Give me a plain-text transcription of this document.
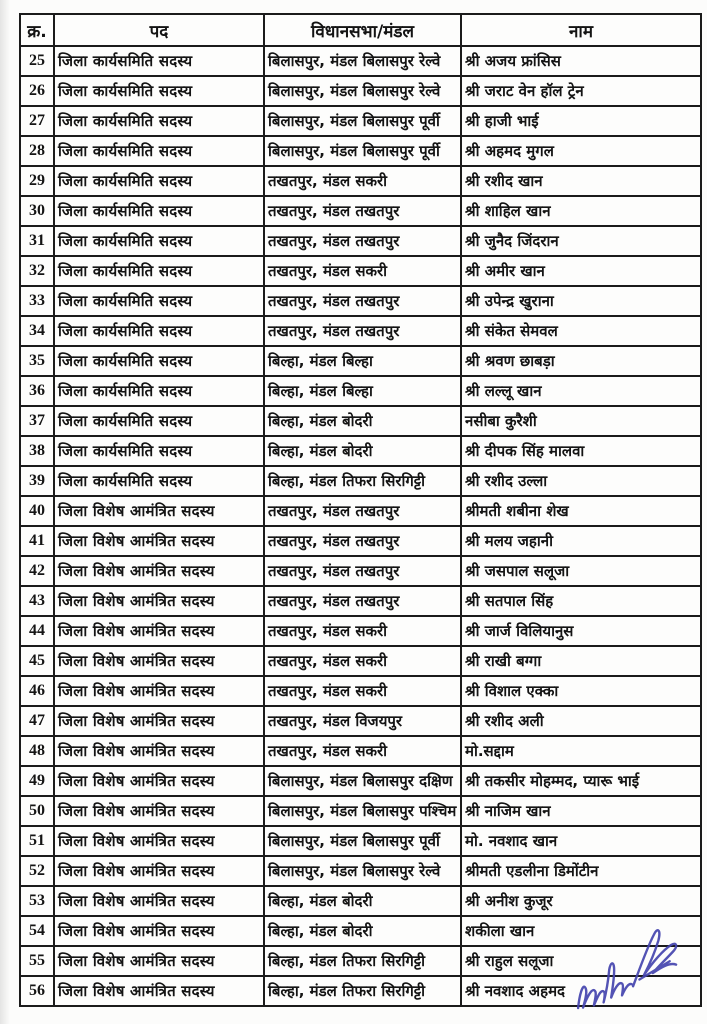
क्र.	पद	विधानसभा/मंडल	नाम
25	जिला कार्यसमिति सदस्य	बिलासपुर, मंडल बिलासपुर रेल्वे	श्री अजय फ्रांसिस
26	जिला कार्यसमिति सदस्य	बिलासपुर, मंडल बिलासपुर रेल्वे	श्री जराट वेन हॉल ट्रेन
27	जिला कार्यसमिति सदस्य	बिलासपुर, मंडल बिलासपुर पूर्वी	श्री हाजी भाई
28	जिला कार्यसमिति सदस्य	बिलासपुर, मंडल बिलासपुर पूर्वी	श्री अहमद मुगल
29	जिला कार्यसमिति सदस्य	तखतपुर, मंडल सकरी	श्री रशीद खान
30	जिला कार्यसमिति सदस्य	तखतपुर, मंडल तखतपुर	श्री शाहिल खान
31	जिला कार्यसमिति सदस्य	तखतपुर, मंडल तखतपुर	श्री जुनैद जिंदरान
32	जिला कार्यसमिति सदस्य	तखतपुर, मंडल सकरी	श्री अमीर खान
33	जिला कार्यसमिति सदस्य	तखतपुर, मंडल तखतपुर	श्री उपेन्द्र खुराना
34	जिला कार्यसमिति सदस्य	तखतपुर, मंडल तखतपुर	श्री संकेत सेमवल
35	जिला कार्यसमिति सदस्य	बिल्हा, मंडल बिल्हा	श्री श्रवण छाबड़ा
36	जिला कार्यसमिति सदस्य	बिल्हा, मंडल बिल्हा	श्री लल्लू खान
37	जिला कार्यसमिति सदस्य	बिल्हा, मंडल बोदरी	नसीबा कुरैशी
38	जिला कार्यसमिति सदस्य	बिल्हा, मंडल बोदरी	श्री दीपक सिंह मालवा
39	जिला कार्यसमिति सदस्य	बिल्हा, मंडल तिफरा सिरगिट्टी	श्री रशीद उल्ला
40	जिला विशेष आमंत्रित सदस्य	तखतपुर, मंडल तखतपुर	श्रीमती शबीना शेख
41	जिला विशेष आमंत्रित सदस्य	तखतपुर, मंडल तखतपुर	श्री मलय जहानी
42	जिला विशेष आमंत्रित सदस्य	तखतपुर, मंडल तखतपुर	श्री जसपाल सलूजा
43	जिला विशेष आमंत्रित सदस्य	तखतपुर, मंडल तखतपुर	श्री सतपाल सिंह
44	जिला विशेष आमंत्रित सदस्य	तखतपुर, मंडल सकरी	श्री जार्ज विलियानुस
45	जिला विशेष आमंत्रित सदस्य	तखतपुर, मंडल सकरी	श्री राखी बग्गा
46	जिला विशेष आमंत्रित सदस्य	तखतपुर, मंडल सकरी	श्री विशाल एक्का
47	जिला विशेष आमंत्रित सदस्य	तखतपुर, मंडल विजयपुर	श्री रशीद अली
48	जिला विशेष आमंत्रित सदस्य	तखतपुर, मंडल सकरी	मो.सद्दाम
49	जिला विशेष आमंत्रित सदस्य	बिलासपुर, मंडल बिलासपुर दक्षिण	श्री तकसीर मोहम्मद, प्यारू भाई
50	जिला विशेष आमंत्रित सदस्य	बिलासपुर, मंडल बिलासपुर पश्चिम	श्री नाजिम खान
51	जिला विशेष आमंत्रित सदस्य	बिलासपुर, मंडल बिलासपुर पूर्वी	मो. नवशाद खान
52	जिला विशेष आमंत्रित सदस्य	बिलासपुर, मंडल बिलासपुर रेल्वे	श्रीमती एडलीना डिमोंटीन
53	जिला विशेष आमंत्रित सदस्य	बिल्हा, मंडल बोदरी	श्री अनीश कुजूर
54	जिला विशेष आमंत्रित सदस्य	बिल्हा, मंडल बोदरी	शकीला खान
55	जिला विशेष आमंत्रित सदस्य	बिल्हा, मंडल तिफरा सिरगिट्टी	श्री राहुल सलूजा
56	जिला विशेष आमंत्रित सदस्य	बिल्हा, मंडल तिफरा सिरगिट्टी	श्री नवशाद अहमद
